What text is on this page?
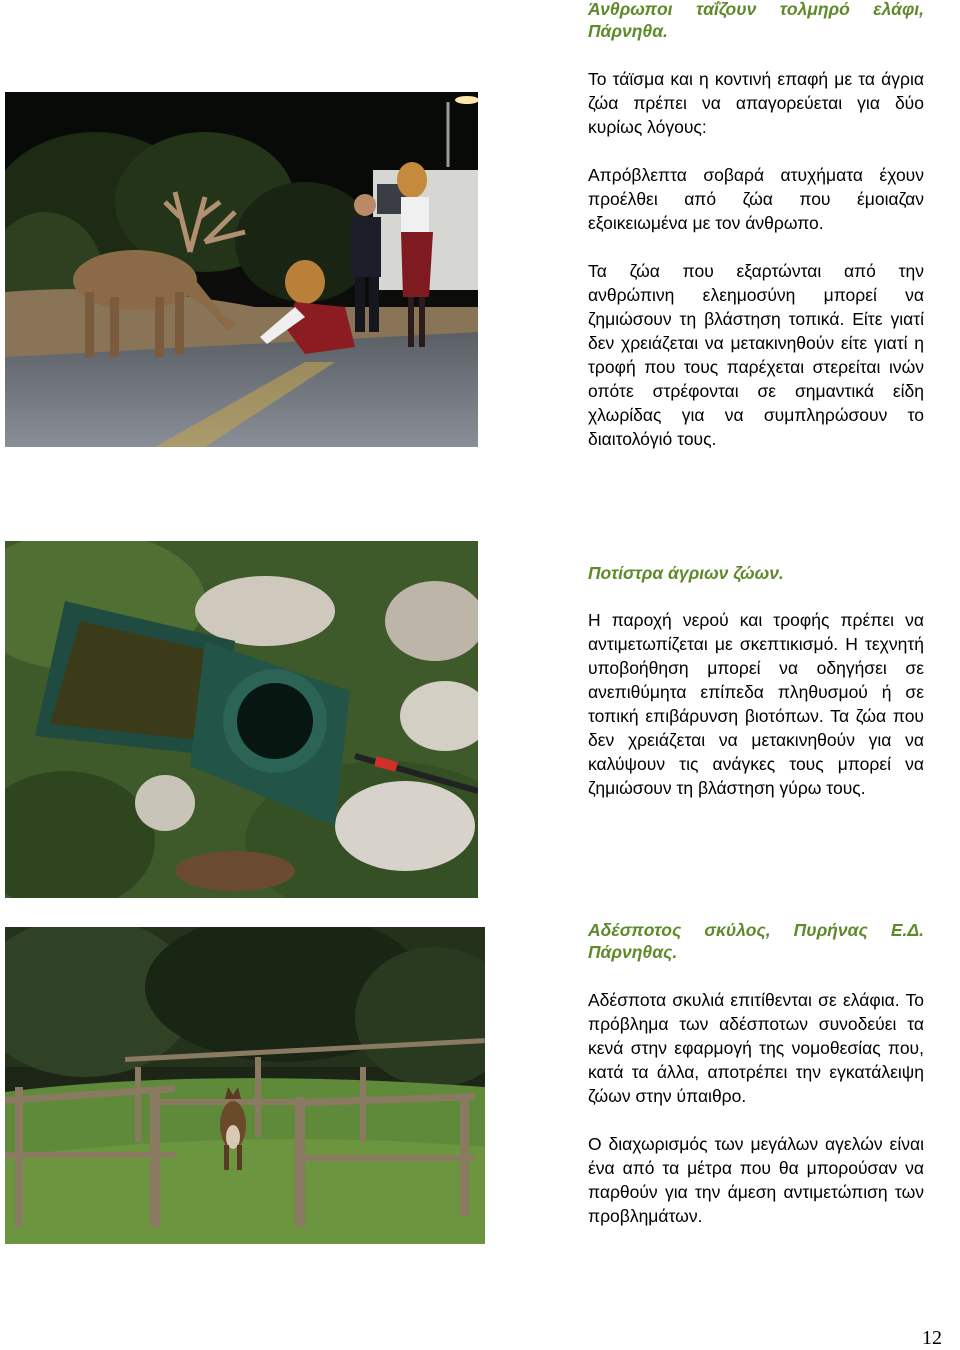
Άνθρωποι ταΐζουν τολμηρό ελάφι, Πάρνηθα.

Το τάϊσμα και η κοντινή επαφή με τα άγρια ζώα πρέπει να απαγορεύεται για δύο κυρίως λόγους:

Απρόβλεπτα σοβαρά ατυχήματα έχουν προέλθει από ζώα που έμοιαζαν εξοικειωμένα με τον άνθρωπο.

Τα ζώα που εξαρτώνται από την ανθρώπινη ελεημοσύνη μπορεί να ζημιώσουν τη βλάστηση τοπικά. Είτε γιατί δεν χρειάζεται να μετακινηθούν είτε γιατί η τροφή που τους παρέχεται στερείται ινών οπότε στρέφονται σε σημαντικά είδη χλωρίδας για να συμπληρώσουν το διαιτολόγιό τους.

Ποτίστρα άγριων ζώων.

Η παροχή νερού και τροφής πρέπει να αντιμετωπίζεται με σκεπτικισμό. Η τεχνητή υποβοήθηση μπορεί να οδηγήσει σε ανεπιθύμητα επίπεδα πληθυσμού ή σε τοπική επιβάρυνση βιοτόπων. Τα ζώα που δεν χρειάζεται να μετακινηθούν για να καλύψουν τις ανάγκες τους μπορεί να ζημιώσουν τη βλάστηση γύρω τους.

Αδέσποτος σκύλος, Πυρήνας Ε.Δ. Πάρνηθας.

Αδέσποτα σκυλιά επιτίθενται σε ελάφια. Το πρόβλημα των αδέσποτων συνοδεύει τα κενά στην εφαρμογή της νομοθεσίας που, κατά τα άλλα, αποτρέπει την εγκατάλειψη ζώων στην ύπαιθρο.

Ο διαχωρισμός των μεγάλων αγελών είναι ένα από τα μέτρα που θα μπορούσαν να παρθούν για την άμεση αντιμετώπιση των προβλημάτων.

12
